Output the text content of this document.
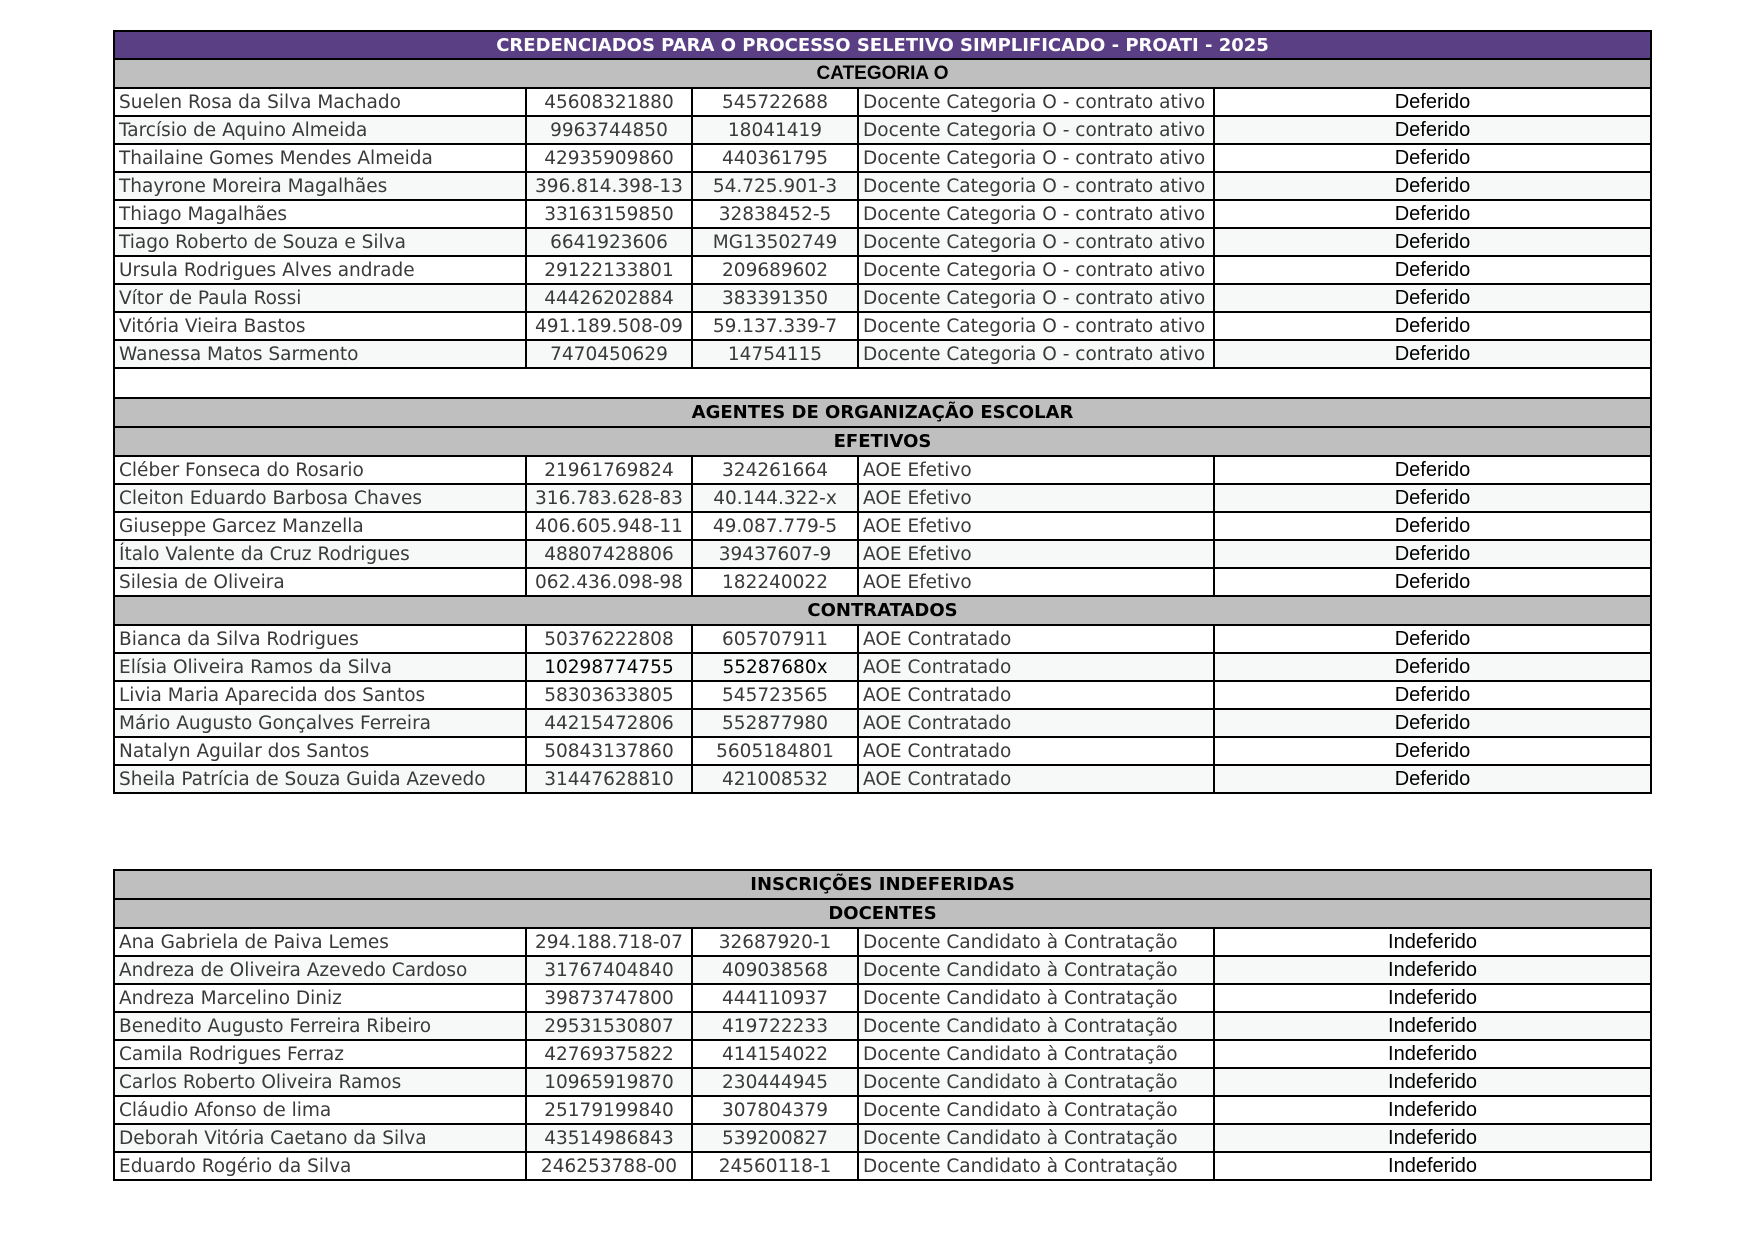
CREDENCIADOS PARA O PROCESSO SELETIVO SIMPLIFICADO - PROATI - 2025				
CATEGORIA O				
Suelen Rosa da Silva Machado	45608321880	545722688	Docente Categoria O - contrato ativo	Deferido
Tarcísio de Aquino Almeida	9963744850	18041419	Docente Categoria O - contrato ativo	Deferido
Thailaine Gomes Mendes Almeida	42935909860	440361795	Docente Categoria O - contrato ativo	Deferido
Thayrone Moreira Magalhães	396.814.398-13	54.725.901-3	Docente Categoria O - contrato ativo	Deferido
Thiago Magalhães	33163159850	32838452-5	Docente Categoria O - contrato ativo	Deferido
Tiago Roberto de Souza e Silva	6641923606	MG13502749	Docente Categoria O - contrato ativo	Deferido
Ursula Rodrigues Alves andrade	29122133801	209689602	Docente Categoria O - contrato ativo	Deferido
Vítor de Paula Rossi	44426202884	383391350	Docente Categoria O - contrato ativo	Deferido
Vitória Vieira Bastos	491.189.508-09	59.137.339-7	Docente Categoria O - contrato ativo	Deferido
Wanessa Matos Sarmento	7470450629	14754115	Docente Categoria O - contrato ativo	Deferido

AGENTES DE ORGANIZAÇÃO ESCOLAR				
EFETIVOS				
Cléber Fonseca do Rosario	21961769824	324261664	AOE Efetivo	Deferido
Cleiton Eduardo Barbosa Chaves	316.783.628-83	40.144.322-x	AOE Efetivo	Deferido
Giuseppe Garcez Manzella	406.605.948-11	49.087.779-5	AOE Efetivo	Deferido
Ítalo Valente da Cruz Rodrigues	48807428806	39437607-9	AOE Efetivo	Deferido
Silesia de Oliveira	062.436.098-98	182240022	AOE Efetivo	Deferido
CONTRATADOS				
Bianca da Silva Rodrigues	50376222808	605707911	AOE Contratado	Deferido
Elísia Oliveira Ramos da Silva	10298774755	55287680x	AOE Contratado	Deferido
Livia Maria Aparecida dos Santos	58303633805	545723565	AOE Contratado	Deferido
Mário Augusto Gonçalves Ferreira	44215472806	552877980	AOE Contratado	Deferido
Natalyn Aguilar dos Santos	50843137860	5605184801	AOE Contratado	Deferido
Sheila Patrícia de Souza Guida Azevedo	31447628810	421008532	AOE Contratado	Deferido
INSCRIÇÕES INDEFERIDAS				
DOCENTES				
Ana Gabriela de Paiva Lemes	294.188.718-07	32687920-1	Docente Candidato à Contratação	Indeferido
Andreza de Oliveira Azevedo Cardoso	31767404840	409038568	Docente Candidato à Contratação	Indeferido
Andreza Marcelino Diniz	39873747800	444110937	Docente Candidato à Contratação	Indeferido
Benedito Augusto Ferreira Ribeiro	29531530807	419722233	Docente Candidato à Contratação	Indeferido
Camila Rodrigues Ferraz	42769375822	414154022	Docente Candidato à Contratação	Indeferido
Carlos Roberto Oliveira Ramos	10965919870	230444945	Docente Candidato à Contratação	Indeferido
Cláudio Afonso de lima	25179199840	307804379	Docente Candidato à Contratação	Indeferido
Deborah Vitória Caetano da Silva	43514986843	539200827	Docente Candidato à Contratação	Indeferido
Eduardo Rogério da Silva	246253788-00	24560118-1	Docente Candidato à Contratação	Indeferido
